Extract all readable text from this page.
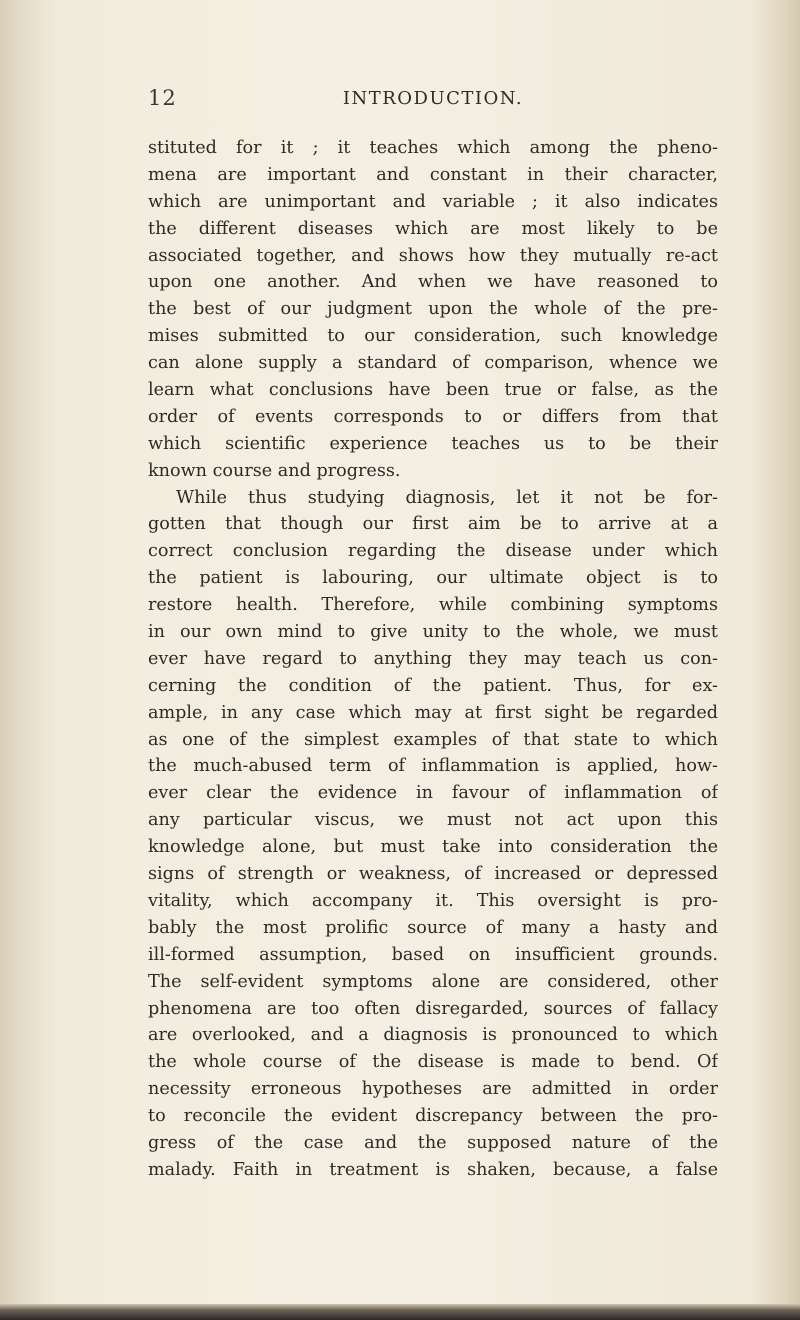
12	INTRODUCTION.
stituted for it ; it teaches which among the pheno-
mena are important and constant in their character,
which are unimportant and variable ; it also indicates
the different diseases which are most likely to be
associated together, and shows how they mutually re-act
upon one another. And when we have reasoned to
the best of our judgment upon the whole of the pre-
mises submitted to our consideration, such knowledge
can alone supply a standard of comparison, whence we
learn what conclusions have been true or false, as the
order of events corresponds to or differs from that
which scientific experience teaches us to be their
known course and progress.
While thus studying diagnosis, let it not be for-
gotten that though our first aim be to arrive at a
correct conclusion regarding the disease under which
the patient is labouring, our ultimate object is to
restore health. Therefore, while combining symptoms
in our own mind to give unity to the whole, we must
ever have regard to anything they may teach us con-
cerning the condition of the patient. Thus, for ex-
ample, in any case which may at first sight be regarded
as one of the simplest examples of that state to which
the much-abused term of inflammation is applied, how-
ever clear the evidence in favour of inflammation of
any particular viscus, we must not act upon this
knowledge alone, but must take into consideration the
signs of strength or weakness, of increased or depressed
vitality, which accompany it. This oversight is pro-
bably the most prolific source of many a hasty and
ill-formed assumption, based on insufficient grounds.
The self-evident symptoms alone are considered, other
phenomena are too often disregarded, sources of fallacy
are overlooked, and a diagnosis is pronounced to which
the whole course of the disease is made to bend. Of
necessity erroneous hypotheses are admitted in order
to reconcile the evident discrepancy between the pro-
gress of the case and the supposed nature of the
malady. Faith in treatment is shaken, because, a false
